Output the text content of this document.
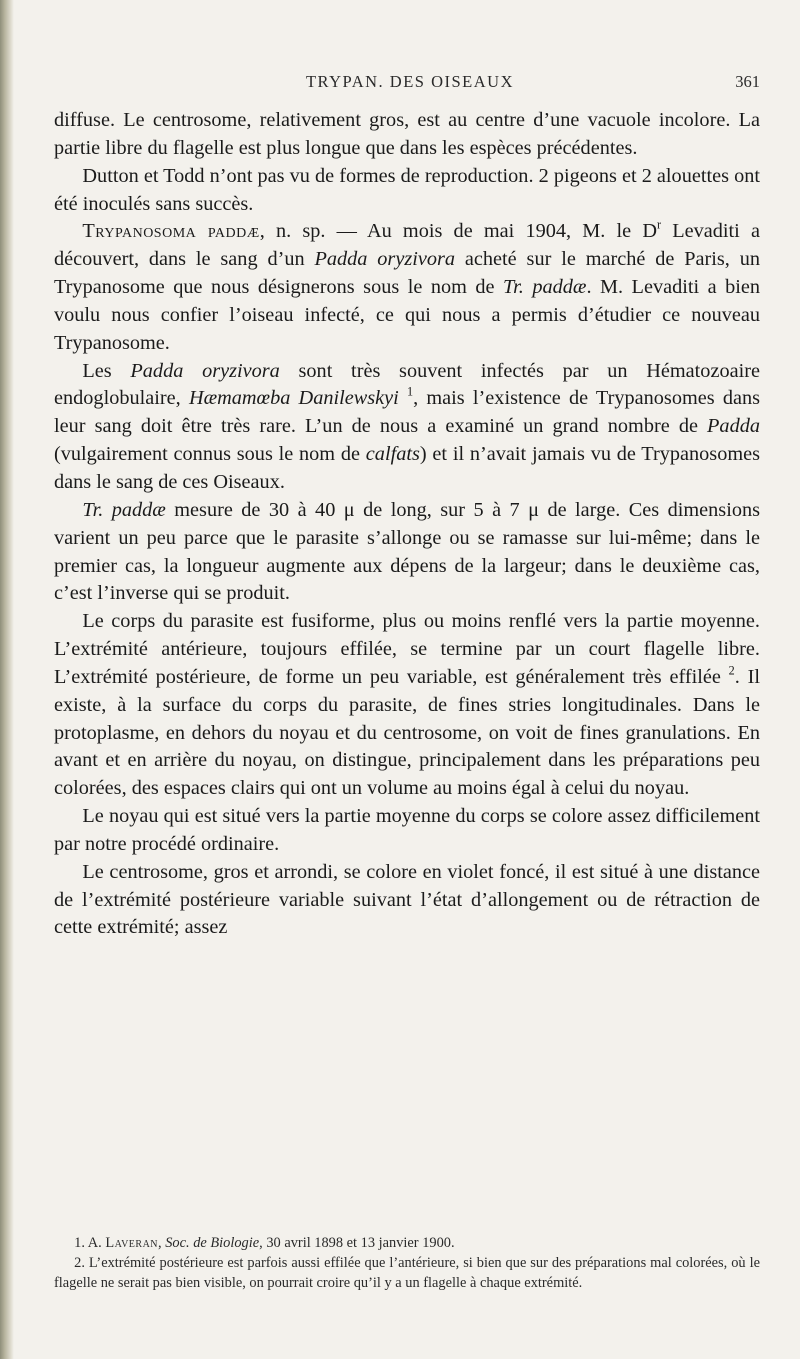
TRYPAN. DES OISEAUX	361

diffuse. Le centrosome, relativement gros, est au centre d’une vacuole incolore. La partie libre du flagelle est plus longue que dans les espèces précédentes.

Dutton et Todd n’ont pas vu de formes de reproduction. 2 pigeons et 2 alouettes ont été inoculés sans succès.

Trypanosoma paddæ, n. sp. — Au mois de mai 1904, M. le $D^r$ Levaditi a découvert, dans le sang d’un Padda oryzivora acheté sur le marché de Paris, un Trypanosome que nous désignerons sous le nom de Tr. paddæ. M. Levaditi a bien voulu nous confier l’oiseau infecté, ce qui nous a permis d’étudier ce nouveau Trypanosome.

Les Padda oryzivora sont très souvent infectés par un Hématozoaire endoglobulaire, Hæmamœba Danilewskyi $^1$, mais l’existence de Trypanosomes dans leur sang doit être très rare. L’un de nous a examiné un grand nombre de Padda (vulgairement connus sous le nom de calfats) et il n’avait jamais vu de Trypanosomes dans le sang de ces Oiseaux.

Tr. paddæ mesure de 30 à 40 μ de long, sur 5 à 7 μ de large. Ces dimensions varient un peu parce que le parasite s’allonge ou se ramasse sur lui-même; dans le premier cas, la longueur augmente aux dépens de la largeur; dans le deuxième cas, c’est l’inverse qui se produit.

Le corps du parasite est fusiforme, plus ou moins renflé vers la partie moyenne. L’extrémité antérieure, toujours effilée, se termine par un court flagelle libre. L’extrémité postérieure, de forme un peu variable, est généralement très effilée $^2$. Il existe, à la surface du corps du parasite, de fines stries longitudinales. Dans le protoplasme, en dehors du noyau et du centrosome, on voit de fines granulations. En avant et en arrière du noyau, on distingue, principalement dans les préparations peu colorées, des espaces clairs qui ont un volume au moins égal à celui du noyau.

Le noyau qui est situé vers la partie moyenne du corps se colore assez difficilement par notre procédé ordinaire.

Le centrosome, gros et arrondi, se colore en violet foncé, il est situé à une distance de l’extrémité postérieure variable suivant l’état d’allongement ou de rétraction de cette extrémité; assez

1. A. Laveran, Soc. de Biologie, 30 avril 1898 et 13 janvier 1900.

2. L’extrémité postérieure est parfois aussi effilée que l’antérieure, si bien que sur des préparations mal colorées, où le flagelle ne serait pas bien visible, on pourrait croire qu’il y a un flagelle à chaque extrémité.
